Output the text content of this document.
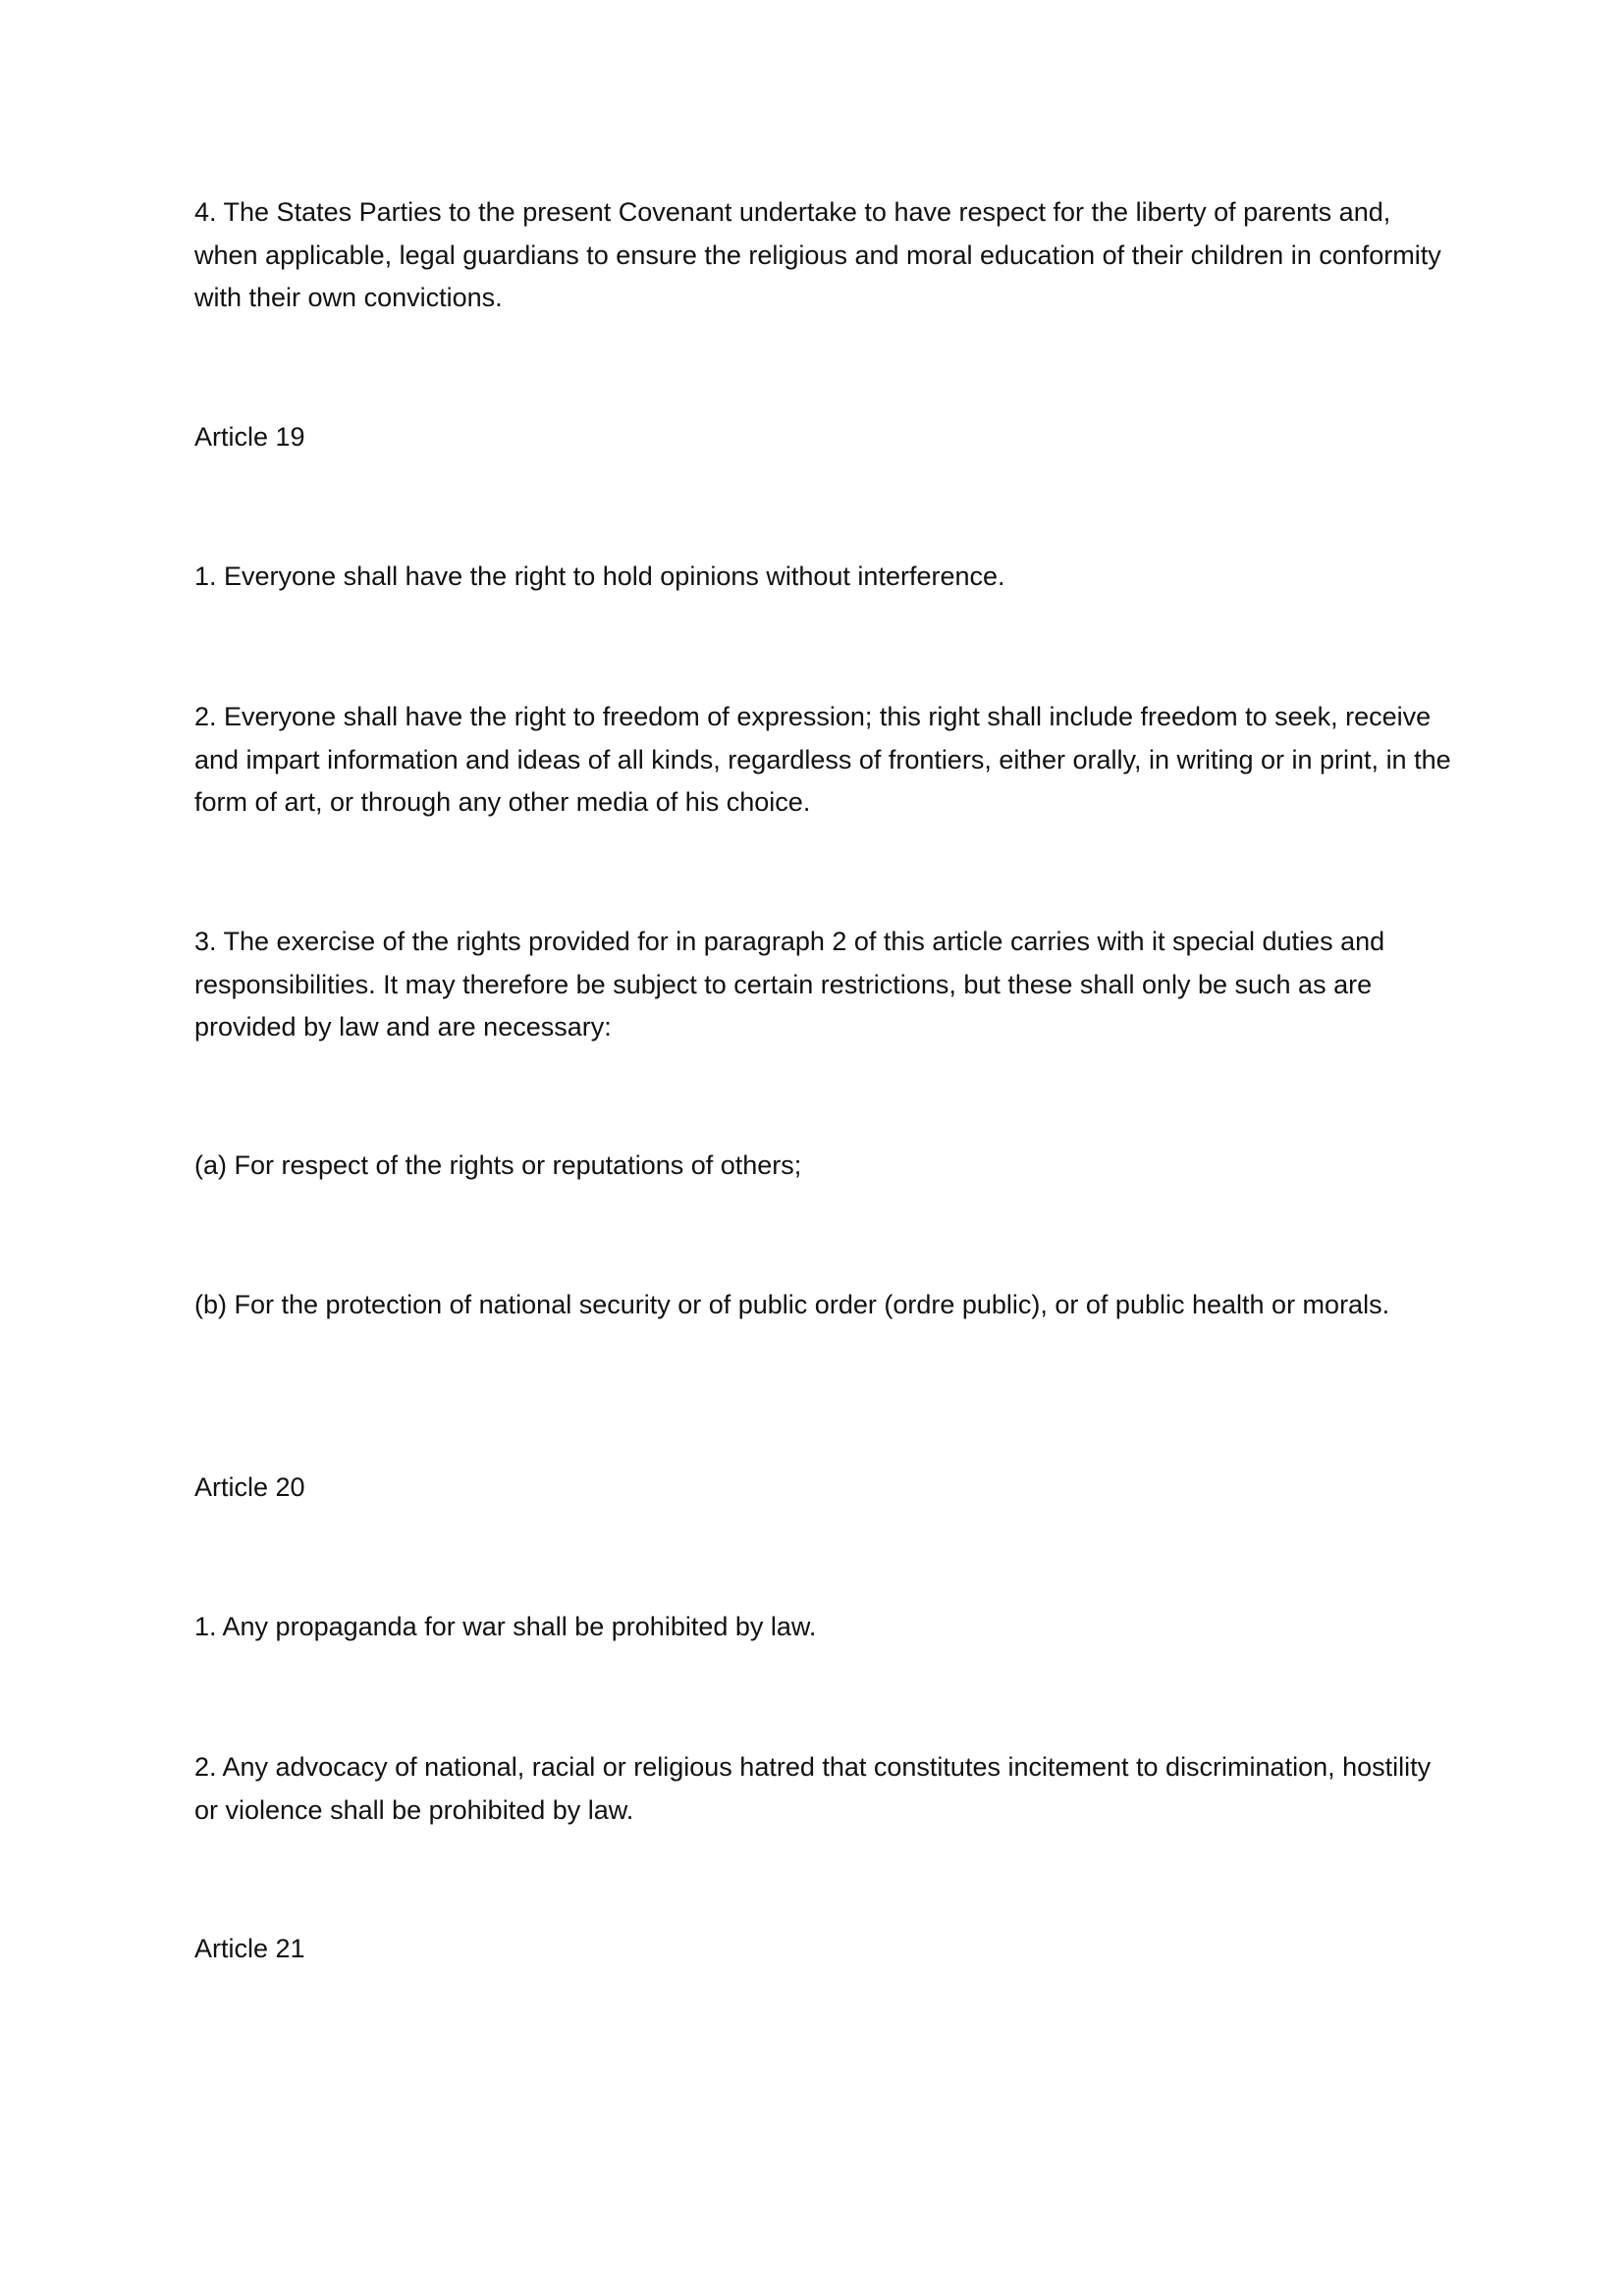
4. The States Parties to the present Covenant undertake to have respect for the liberty of parents and, when applicable, legal guardians to ensure the religious and moral education of their children in conformity with their own convictions.

Article 19

1. Everyone shall have the right to hold opinions without interference.

2. Everyone shall have the right to freedom of expression; this right shall include freedom to seek, receive and impart information and ideas of all kinds, regardless of frontiers, either orally, in writing or in print, in the form of art, or through any other media of his choice.

3. The exercise of the rights provided for in paragraph 2 of this article carries with it special duties and responsibilities. It may therefore be subject to certain restrictions, but these shall only be such as are provided by law and are necessary:

(a) For respect of the rights or reputations of others;

(b) For the protection of national security or of public order (ordre public), or of public health or morals.

Article 20

1. Any propaganda for war shall be prohibited by law.

2. Any advocacy of national, racial or religious hatred that constitutes incitement to discrimination, hostility or violence shall be prohibited by law.

Article 21
